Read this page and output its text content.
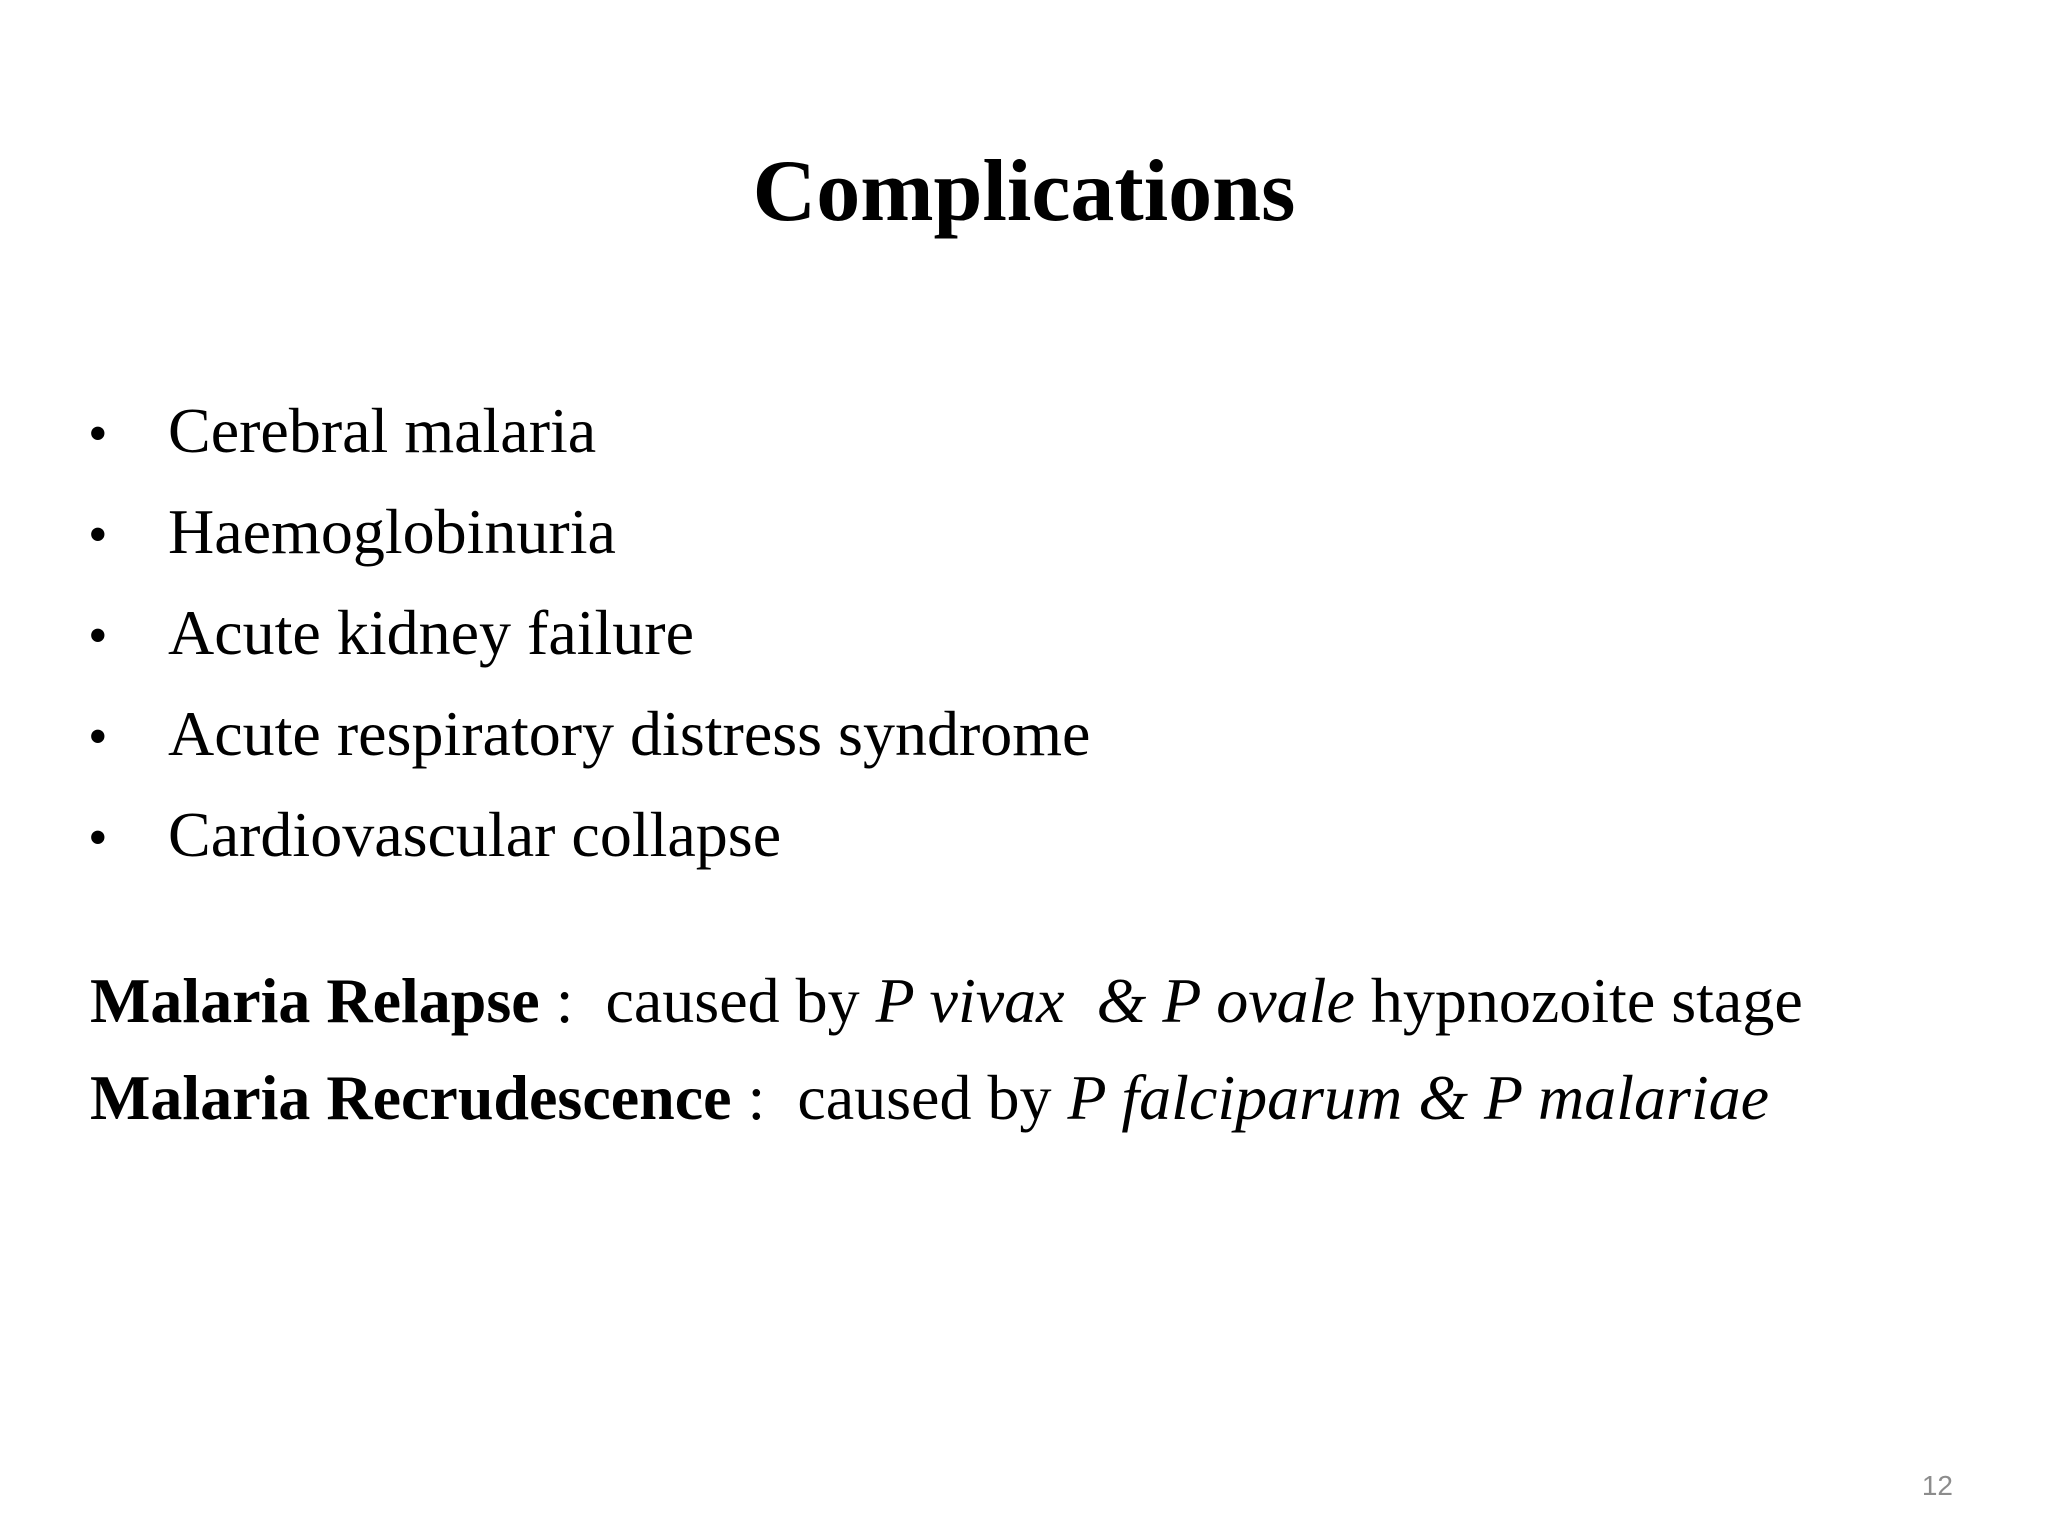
Complications
• Cerebral malaria
• Haemoglobinuria
• Acute kidney failure
• Acute respiratory distress syndrome
• Cardiovascular collapse
Malaria Relapse :  caused by P vivax  & P ovale hypnozoite stage
Malaria Recrudescence :  caused by P falciparum & P malariae
12
